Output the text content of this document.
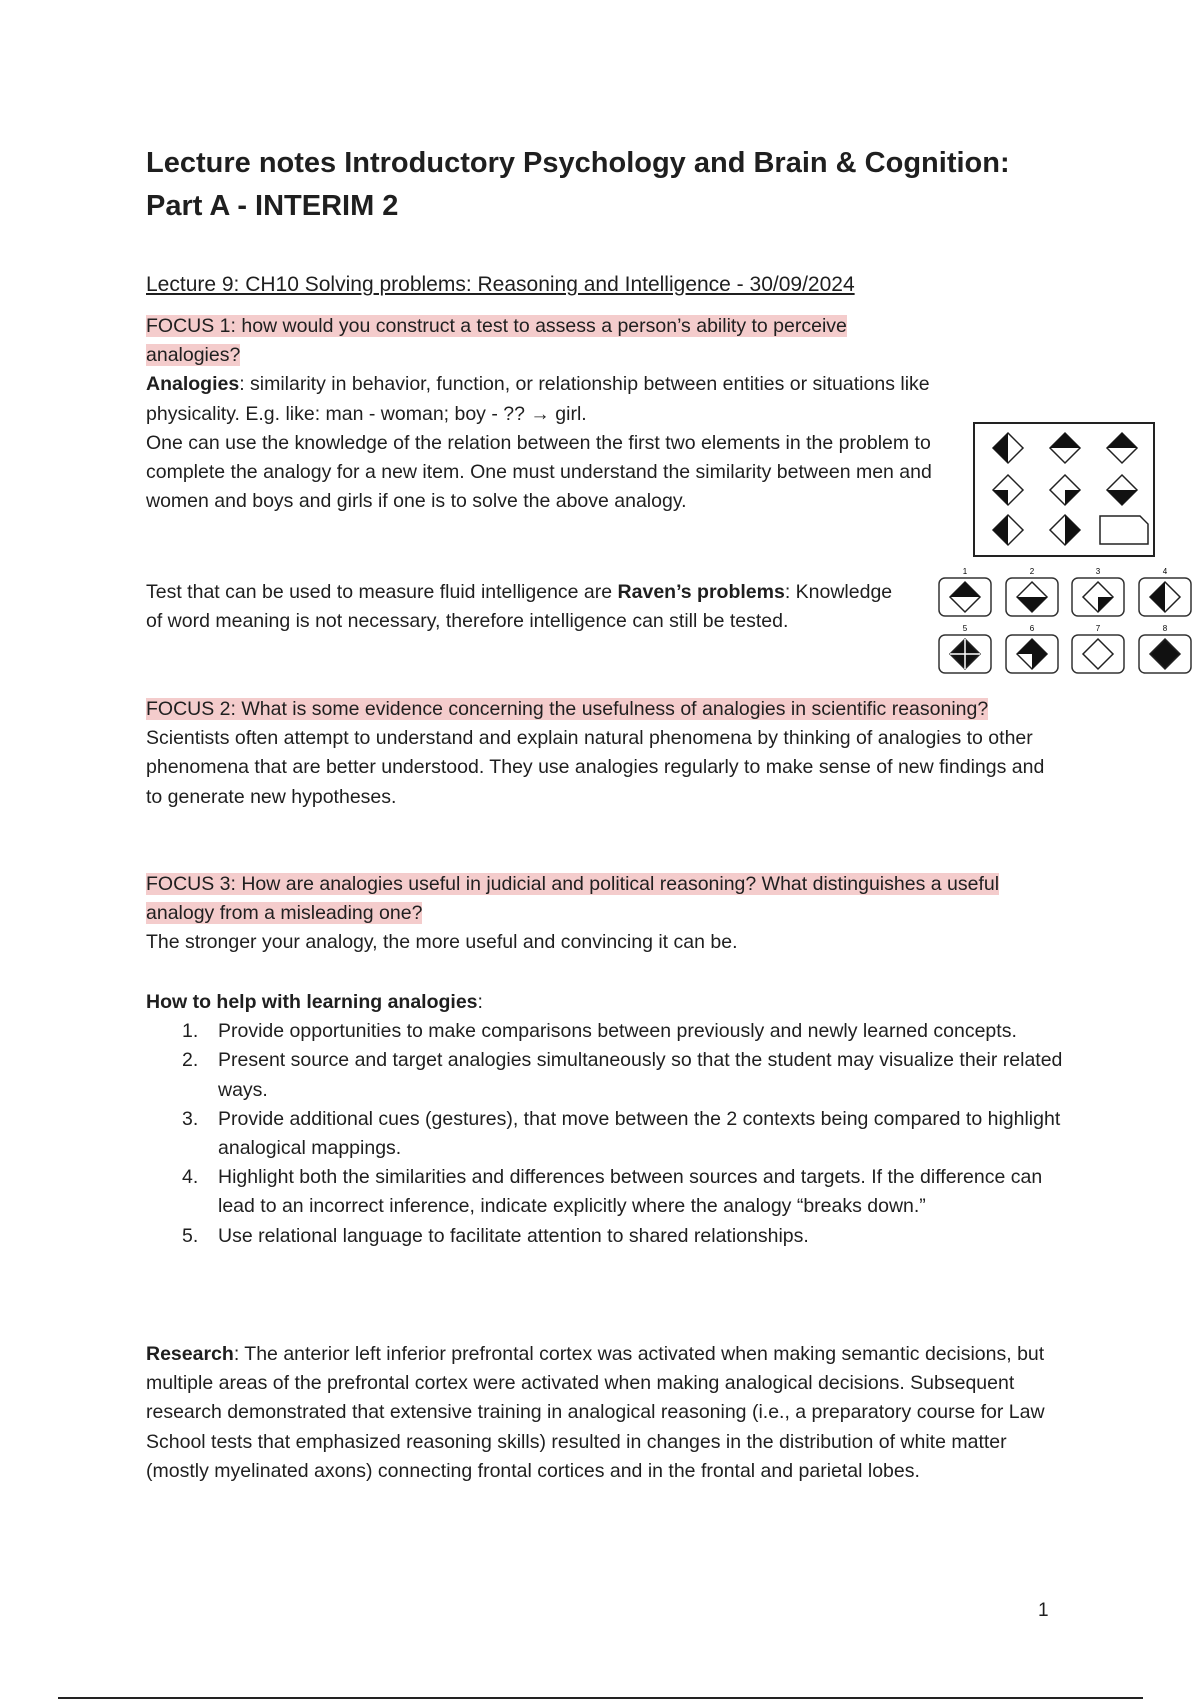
Lecture notes Introductory Psychology and Brain & Cognition: Part A - INTERIM 2
Lecture 9: CH10 Solving problems: Reasoning and Intelligence - 30/09/2024

FOCUS 1: how would you construct a test to assess a person’s ability to perceive analogies?

Analogies: similarity in behavior, function, or relationship between entities or situations like physicality. E.g. like: man - woman; boy - ?? → girl.

One can use the knowledge of the relation between the first two elements in the problem to complete the analogy for a new item. One must understand the similarity between men and women and boys and girls if one is to solve the above analogy.

1	2	3	4
5	6	7	8

Test that can be used to measure fluid intelligence are Raven’s problems: Knowledge of word meaning is not necessary, therefore intelligence can still be tested.

FOCUS 2: What is some evidence concerning the usefulness of analogies in scientific reasoning?

Scientists often attempt to understand and explain natural phenomena by thinking of analogies to other phenomena that are better understood. They use analogies regularly to make sense of new findings and to generate new hypotheses.

FOCUS 3: How are analogies useful in judicial and political reasoning? What distinguishes a useful analogy from a misleading one?

The stronger your analogy, the more useful and convincing it can be.

How to help with learning analogies:

1. Provide opportunities to make comparisons between previously and newly learned concepts.
2. Present source and target analogies simultaneously so that the student may visualize their related ways.
3. Provide additional cues (gestures), that move between the 2 contexts being compared to highlight analogical mappings.
4. Highlight both the similarities and differences between sources and targets. If the difference can lead to an incorrect inference, indicate explicitly where the analogy “breaks down.”
5. Use relational language to facilitate attention to shared relationships.

Research: The anterior left inferior prefrontal cortex was activated when making semantic decisions, but multiple areas of the prefrontal cortex were activated when making analogical decisions. Subsequent research demonstrated that extensive training in analogical reasoning (i.e., a preparatory course for Law School tests that emphasized reasoning skills) resulted in changes in the distribution of white matter (mostly myelinated axons) connecting frontal cortices and in the frontal and parietal lobes.

1
